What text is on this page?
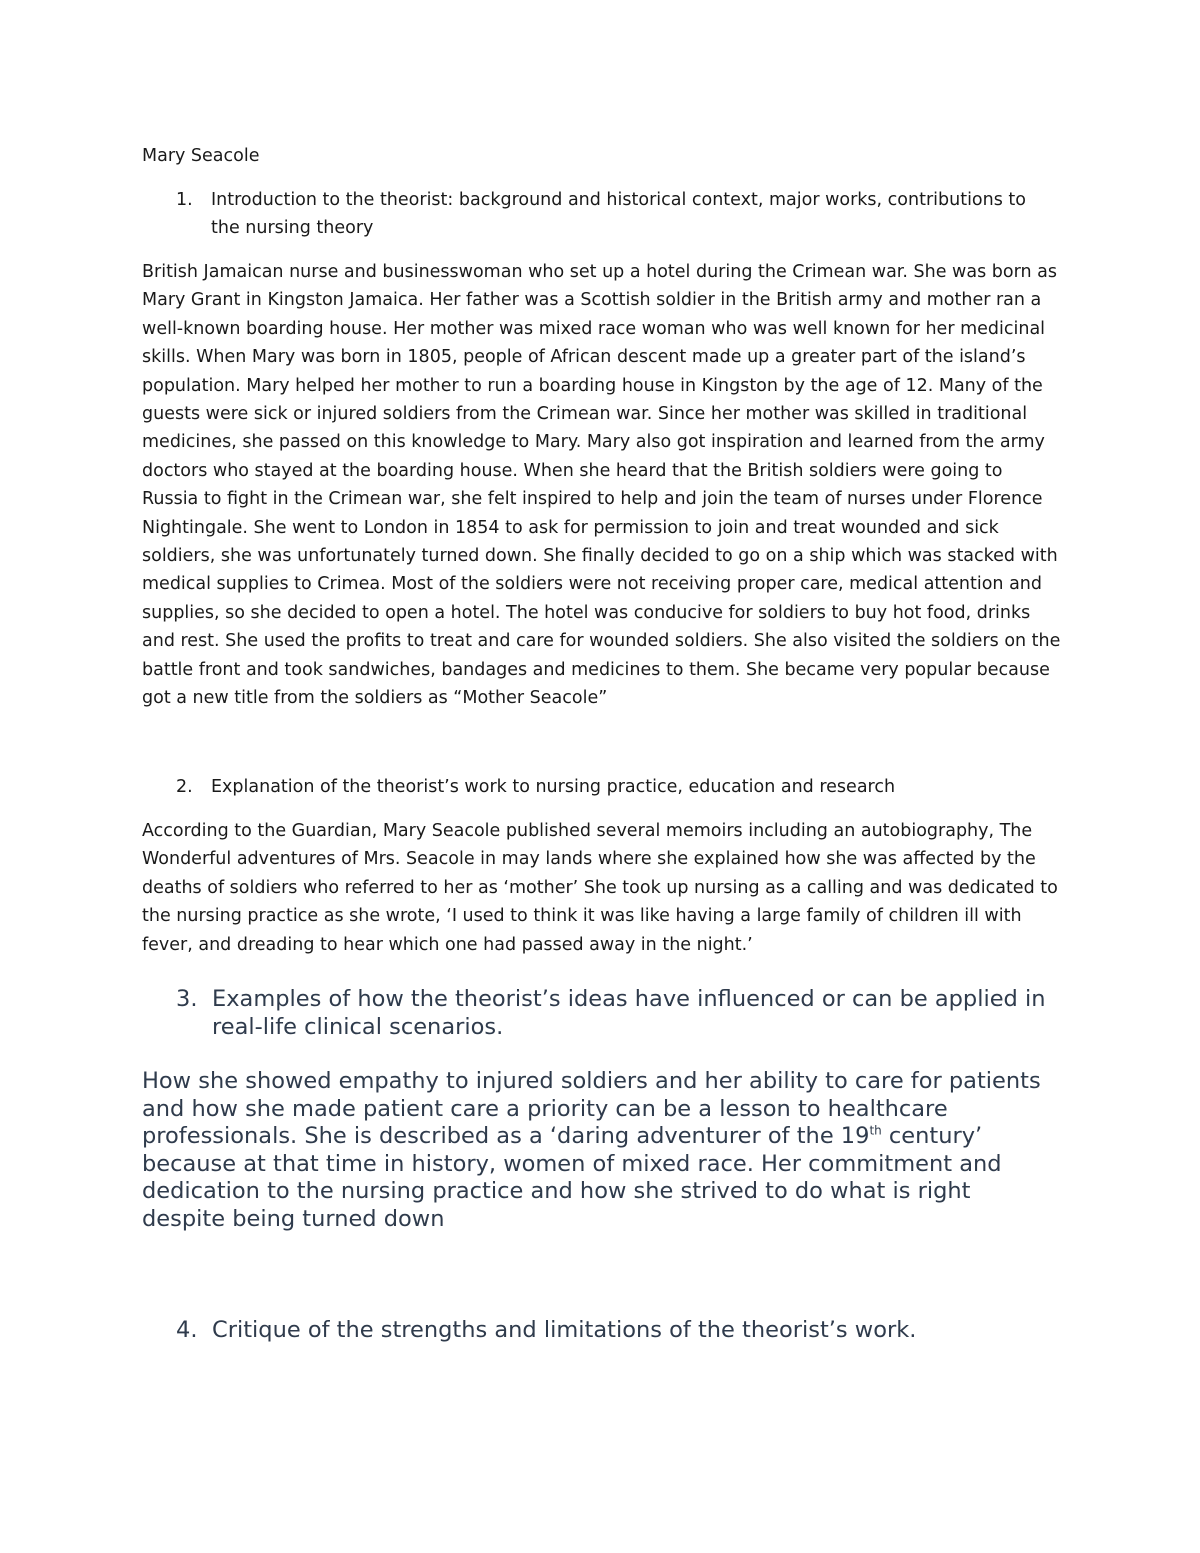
Mary Seacole
1. Introduction to the theorist: background and historical context, major works, contributions to the nursing theory

British Jamaican nurse and businesswoman who set up a hotel during the Crimean war. She was born as Mary Grant in Kingston Jamaica. Her father was a Scottish soldier in the British army and mother ran a well-known boarding house. Her mother was mixed race woman who was well known for her medicinal skills. When Mary was born in 1805, people of African descent made up a greater part of the island’s population. Mary helped her mother to run a boarding house in Kingston by the age of 12. Many of the guests were sick or injured soldiers from the Crimean war. Since her mother was skilled in traditional medicines, she passed on this knowledge to Mary. Mary also got inspiration and learned from the army doctors who stayed at the boarding house. When she heard that the British soldiers were going to Russia to fight in the Crimean war, she felt inspired to help and join the team of nurses under Florence Nightingale. She went to London in 1854 to ask for permission to join and treat wounded and sick soldiers, she was unfortunately turned down. She finally decided to go on a ship which was stacked with medical supplies to Crimea. Most of the soldiers were not receiving proper care, medical attention and supplies, so she decided to open a hotel. The hotel was conducive for soldiers to buy hot food, drinks and rest. She used the profits to treat and care for wounded soldiers. She also visited the soldiers on the battle front and took sandwiches, bandages and medicines to them. She became very popular because got a new title from the soldiers as “Mother Seacole”

2. Explanation of the theorist’s work to nursing practice, education and research

According to the Guardian, Mary Seacole published several memoirs including an autobiography, The Wonderful adventures of Mrs. Seacole in may lands where she explained how she was affected by the deaths of soldiers who referred to her as ‘mother’ She took up nursing as a calling and was dedicated to the nursing practice as she wrote, ‘I used to think it was like having a large family of children ill with fever, and dreading to hear which one had passed away in the night.’

3. Examples of how the theorist’s ideas have influenced or can be applied in real-life clinical scenarios.

How she showed empathy to injured soldiers and her ability to care for patients and how she made patient care a priority can be a lesson to healthcare professionals. She is described as a ‘daring adventurer of the 19th century’ because at that time in history, women of mixed race. Her commitment and dedication to the nursing practice and how she strived to do what is right despite being turned down

4. Critique of the strengths and limitations of the theorist’s work.
